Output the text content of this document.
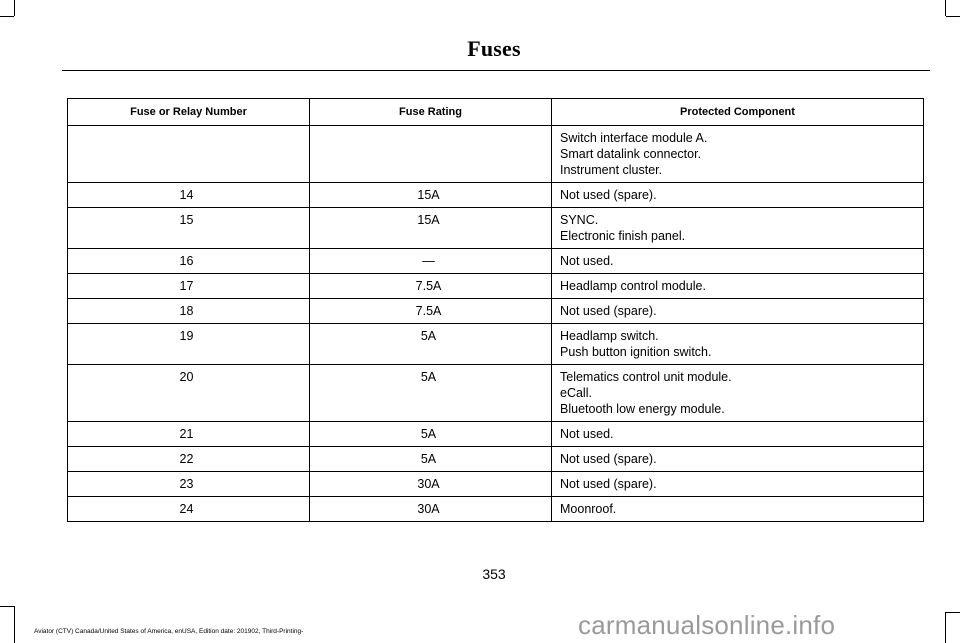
Fuses
Fuse or Relay Number	Fuse Rating	Protected Component

		Switch interface module A.
Smart datalink connector.
Instrument cluster.

14	15A	Not used (spare).

15	15A	SYNC.
Electronic finish panel.

16	—	Not used.

17	7.5A	Headlamp control module.

18	7.5A	Not used (spare).

19	5A	Headlamp switch.
Push button ignition switch.

20	5A	Telematics control unit module.
eCall.
Bluetooth low energy module.

21	5A	Not used.

22	5A	Not used (spare).

23	30A	Not used (spare).

24	30A	Moonroof.
353
Aviator (CTV) Canada/United States of America, enUSA, Edition date: 201902, Third-Printing-	carmanualsonline.info
